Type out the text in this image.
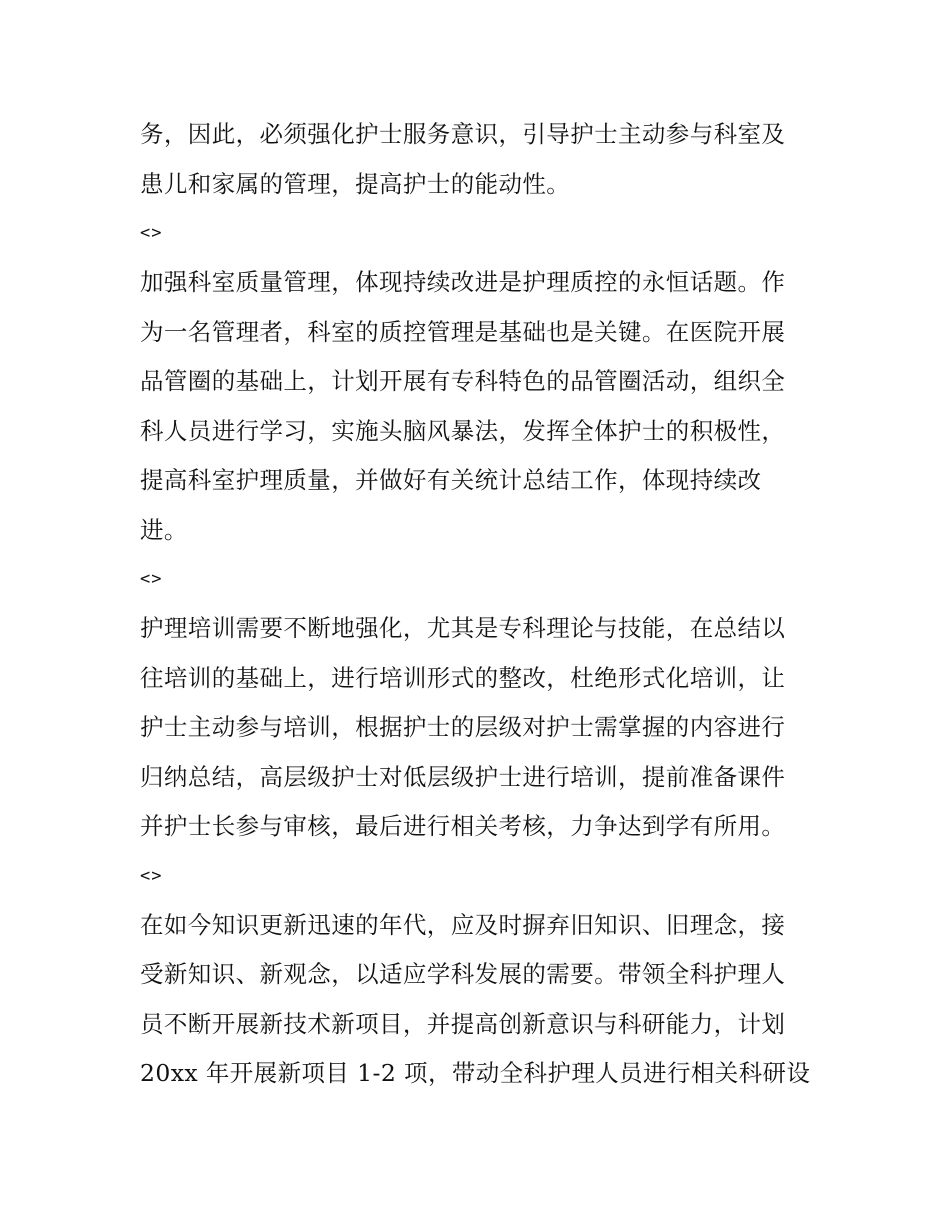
务，因此，必须强化护士服务意识，引导护士主动参与科室及
患儿和家属的管理，提高护士的能动性。
<>
加强科室质量管理，体现持续改进是护理质控的永恒话题。作
为一名管理者，科室的质控管理是基础也是关键。在医院开展
品管圈的基础上，计划开展有专科特色的品管圈活动，组织全
科人员进行学习，实施头脑风暴法，发挥全体护士的积极性，
提高科室护理质量，并做好有关统计总结工作，体现持续改
进。
<>
护理培训需要不断地强化，尤其是专科理论与技能，在总结以
往培训的基础上，进行培训形式的整改，杜绝形式化培训，让
护士主动参与培训，根据护士的层级对护士需掌握的内容进行
归纳总结，高层级护士对低层级护士进行培训，提前准备课件
并护士长参与审核，最后进行相关考核，力争达到学有所用。
<>
在如今知识更新迅速的年代，应及时摒弃旧知识、旧理念，接
受新知识、新观念，以适应学科发展的需要。带领全科护理人
员不断开展新技术新项目，并提高创新意识与科研能力，计划
20xx 年开展新项目 1-2 项，带动全科护理人员进行相关科研设
